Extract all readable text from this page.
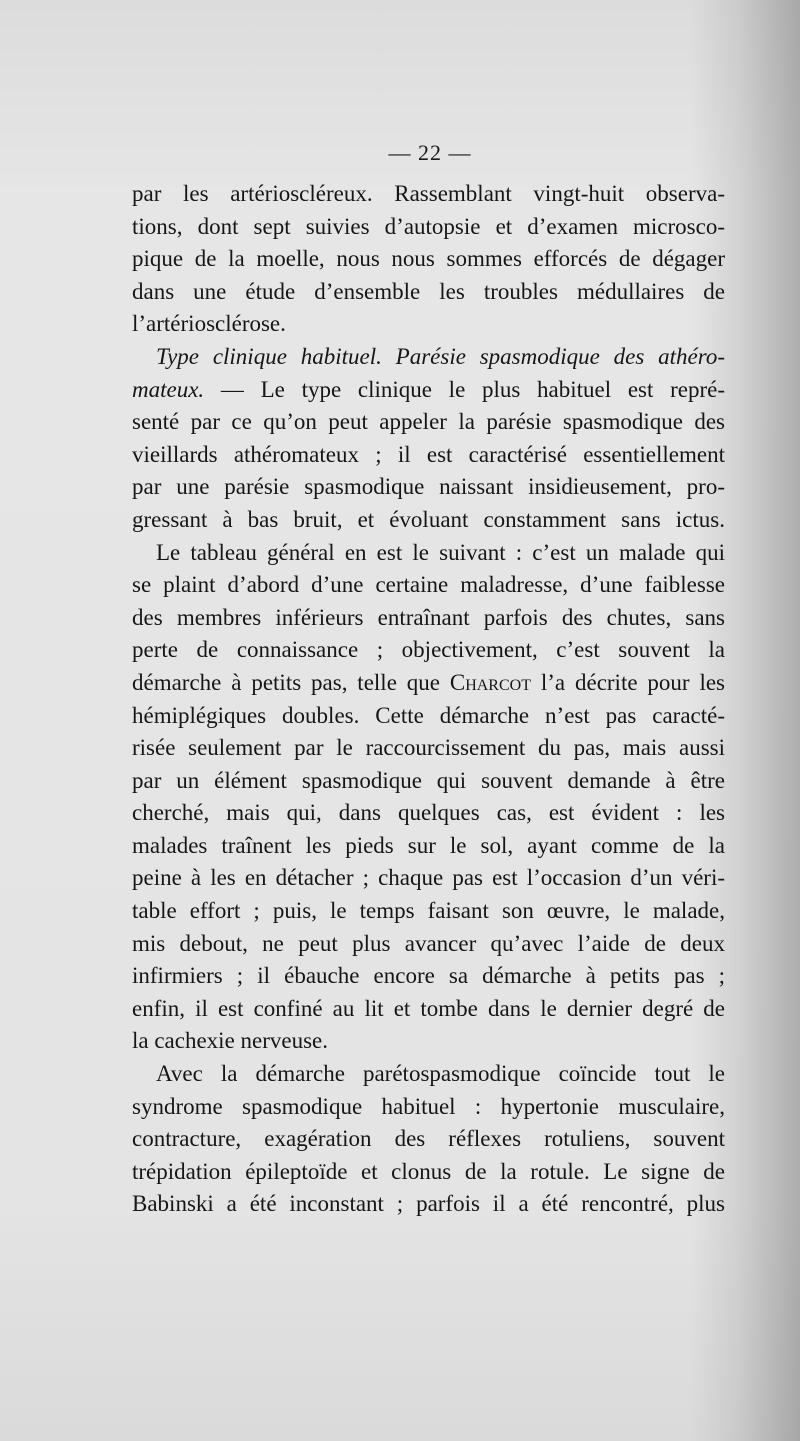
— 22 —
par les artérioscléreux. Rassemblant vingt-huit observa-
tions, dont sept suivies d’autopsie et d’examen microsco-
pique de la moelle, nous nous sommes efforcés de dégager
dans une étude d’ensemble les troubles médullaires de
l’artériosclérose.
Type clinique habituel. Parésie spasmodique des athéro-
mateux. — Le type clinique le plus habituel est repré-
senté par ce qu’on peut appeler la parésie spasmodique des
vieillards athéromateux ; il est caractérisé essentiellement
par une parésie spasmodique naissant insidieusement, pro-
gressant à bas bruit, et évoluant constamment sans ictus.
Le tableau général en est le suivant : c’est un malade qui
se plaint d’abord d’une certaine maladresse, d’une faiblesse
des membres inférieurs entraînant parfois des chutes, sans
perte de connaissance ; objectivement, c’est souvent la
démarche à petits pas, telle que Charcot l’a décrite pour les
hémiplégiques doubles. Cette démarche n’est pas caracté-
risée seulement par le raccourcissement du pas, mais aussi
par un élément spasmodique qui souvent demande à être
cherché, mais qui, dans quelques cas, est évident : les
malades traînent les pieds sur le sol, ayant comme de la
peine à les en détacher ; chaque pas est l’occasion d’un véri-
table effort ; puis, le temps faisant son œuvre, le malade,
mis debout, ne peut plus avancer qu’avec l’aide de deux
infirmiers ; il ébauche encore sa démarche à petits pas ;
enfin, il est confiné au lit et tombe dans le dernier degré de
la cachexie nerveuse.
Avec la démarche parétospasmodique coïncide tout le
syndrome spasmodique habituel : hypertonie musculaire,
contracture, exagération des réflexes rotuliens, souvent
trépidation épileptoïde et clonus de la rotule. Le signe de
Babinski a été inconstant ; parfois il a été rencontré, plus
